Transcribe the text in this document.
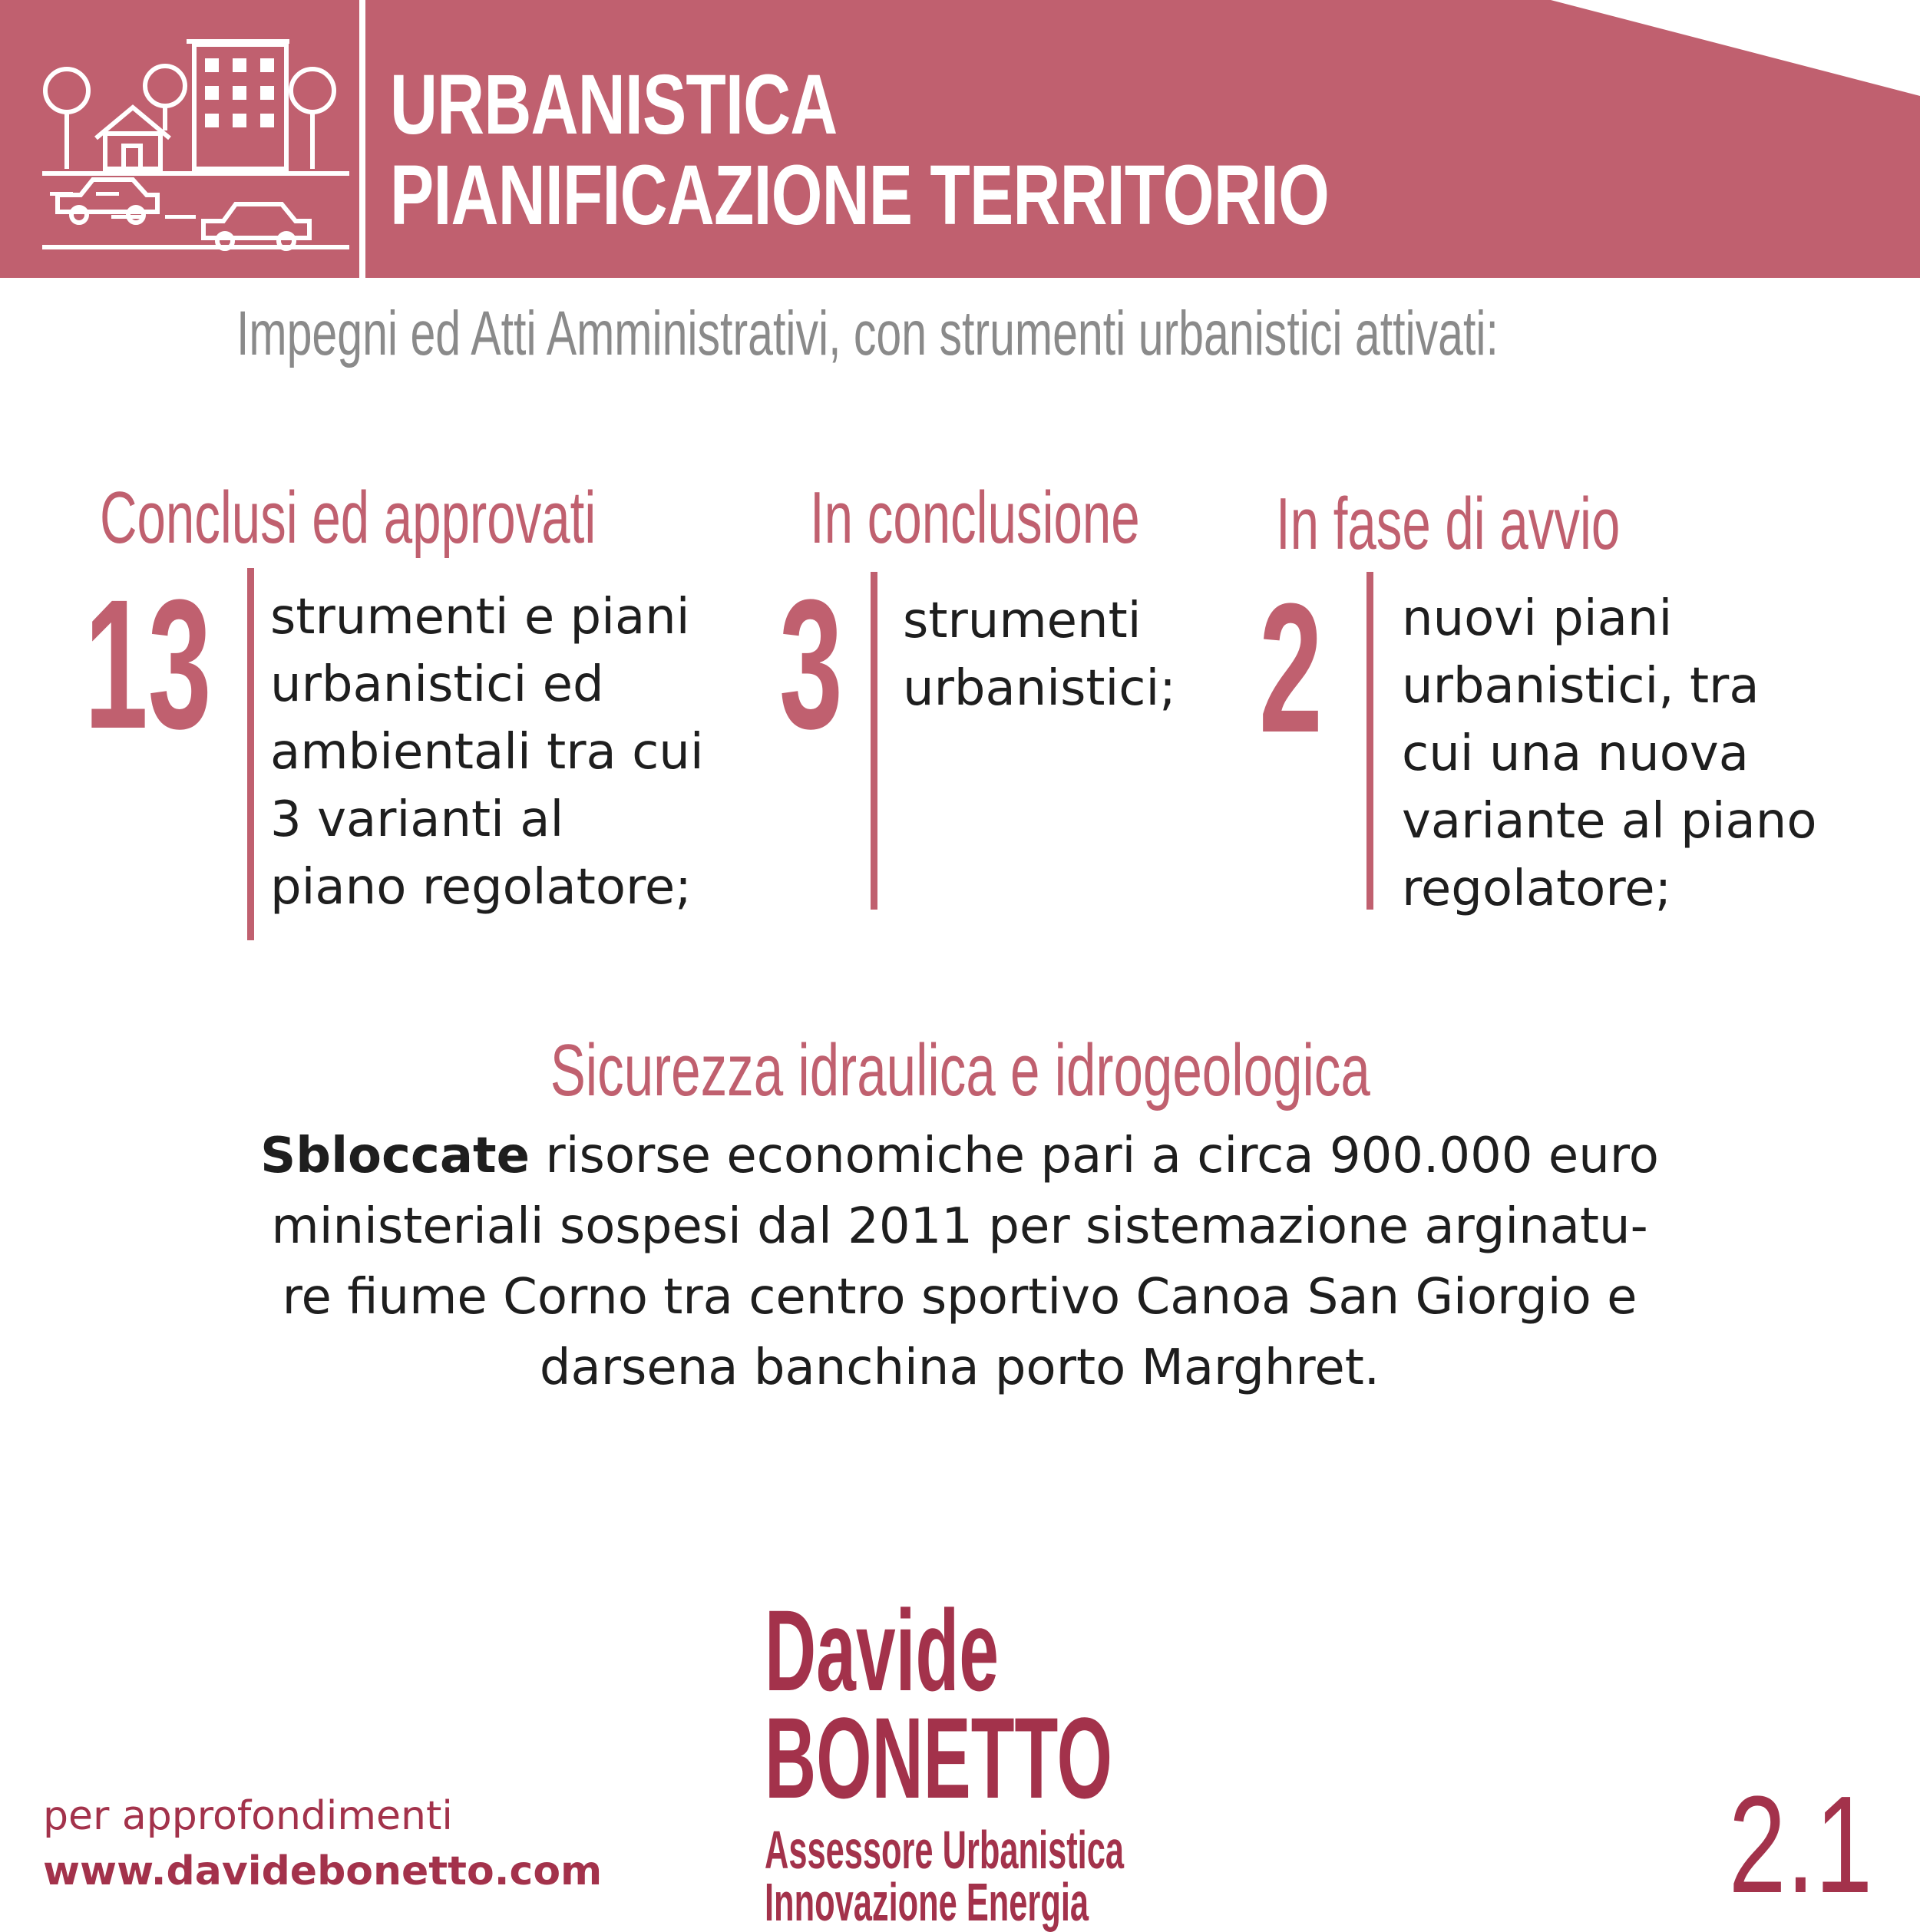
URBANISTICA
PIANIFICAZIONE TERRITORIO
Impegni ed Atti Amministrativi, con strumenti urbanistici attivati:
Conclusi ed approvati
13 strumenti e piani
urbanistici ed
ambientali tra cui
3 varianti al
piano regolatore;
In conclusione
3 strumenti
urbanistici;
In fase di avvio
2 nuovi piani
urbanistici, tra
cui una nuova
variante al piano
regolatore;
Sicurezza idraulica e idrogeologica
Sbloccate risorse economiche pari a circa 900.000 euro
ministeriali sospesi dal 2011 per sistemazione arginatu-
re fiume Corno tra centro sportivo Canoa San Giorgio e
darsena banchina porto Marghret.
Davide
BONETTO
Assessore Urbanistica
Innovazione Energia
per approfondimenti
www.davidebonetto.com	2.1
